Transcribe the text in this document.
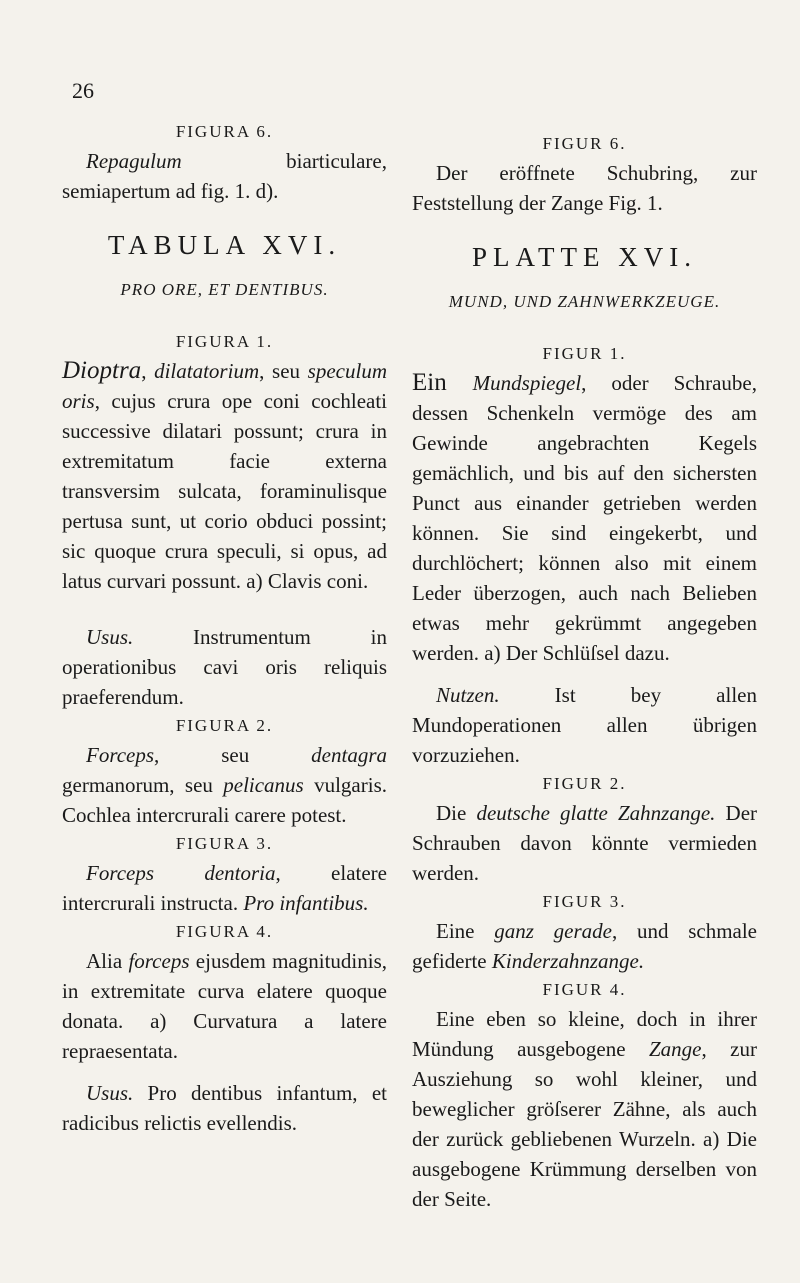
26

FIGURA 6.

Repagulum biarticulare, semiapertum ad fig. 1. d).

TABULA XVI.
PRO ORE, ET DENTIBUS.

FIGURA 1.

Dioptra, dilatatorium, seu speculum oris, cujus crura ope coni cochleati successive dilatari possunt; crura in extremitatum facie externa transversim sulcata, foraminulisque pertusa sunt, ut corio obduci possint; sic quoque crura speculi, si opus, ad latus curvari possunt. a) Clavis coni.

Usus. Instrumentum in operationibus cavi oris reliquis praeferendum.

FIGURA 2.

Forceps, seu dentagra germanorum, seu pelicanus vulgaris. Cochlea intercrurali carere potest.

FIGURA 3.

Forceps dentoria, elatere intercrurali instructa. Pro infantibus.

FIGURA 4.

Alia forceps ejusdem magnitudinis, in extremitate curva elatere quoque donata. a) Curvatura a latere repraesentata.

Usus. Pro dentibus infantum, et radicibus relictis evellendis.

FIGUR 6.

Der eröffnete Schubring, zur Feststellung der Zange Fig. 1.

PLATTE XVI.
MUND, UND ZAHNWERKZEUGE.

FIGUR 1.

Ein Mundspiegel, oder Schraube, dessen Schenkeln vermöge des am Gewinde angebrachten Kegels gemächlich, und bis auf den sichersten Punct aus einander getrieben werden können. Sie sind eingekerbt, und durchlöchert; können also mit einem Leder überzogen, auch nach Belieben etwas mehr gekrümmt angegeben werden. a) Der Schlüſsel dazu.

Nutzen. Ist bey allen Mundoperationen allen übrigen vorzuziehen.

FIGUR 2.

Die deutsche glatte Zahnzange. Der Schrauben davon könnte vermieden werden.

FIGUR 3.

Eine ganz gerade, und schmale gefiderte Kinderzahnzange.

FIGUR 4.

Eine eben so kleine, doch in ihrer Mündung ausgebogene Zange, zur Ausziehung so wohl kleiner, und beweglicher gröſserer Zähne, als auch der zurück gebliebenen Wurzeln. a) Die ausgebogene Krümmung derselben von der Seite.
